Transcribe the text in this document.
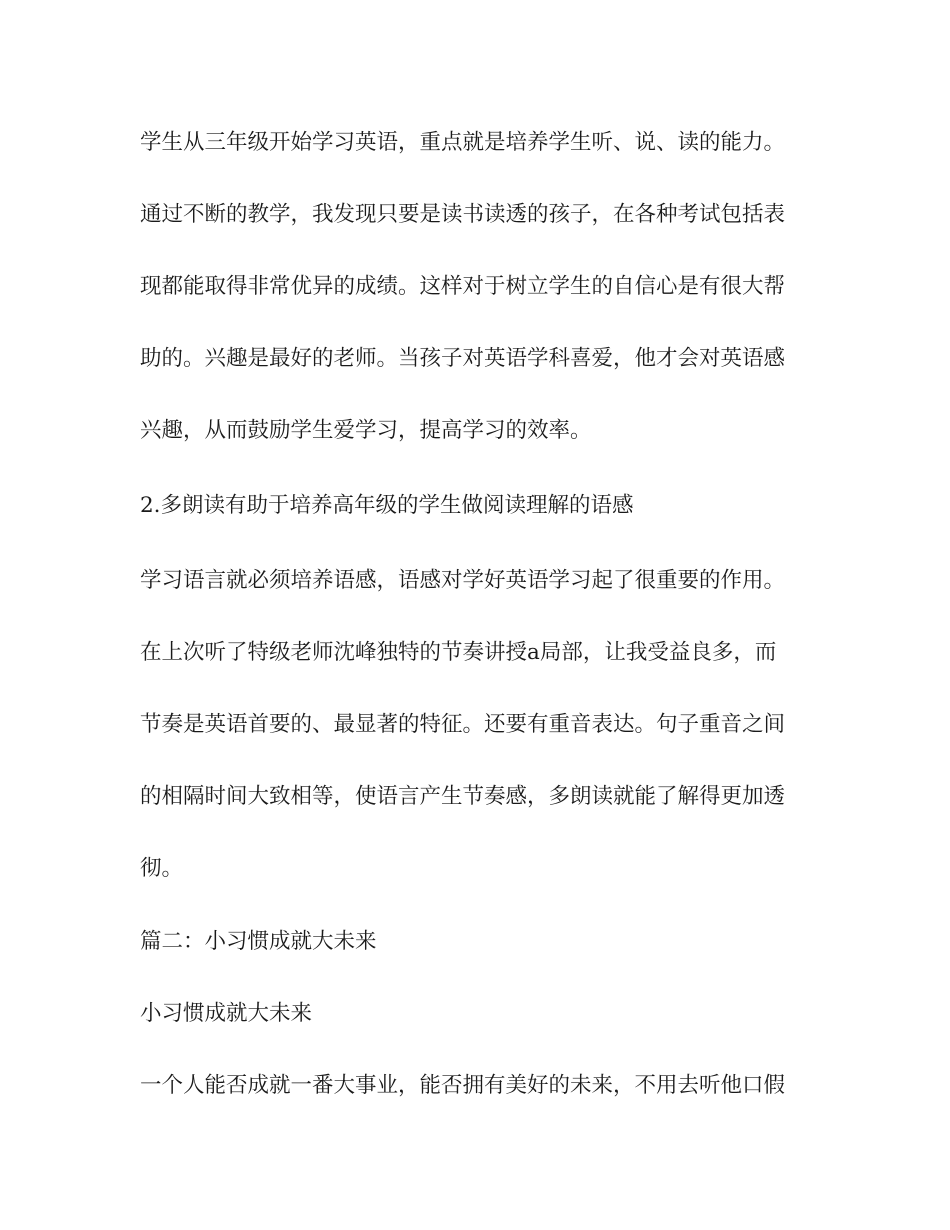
学生从三年级开始学习英语，重点就是培养学生听、说、读的能力。
通过不断的教学，我发现只要是读书读透的孩子，在各种考试包括表
现都能取得非常优异的成绩。这样对于树立学生的自信心是有很大帮
助的。兴趣是最好的老师。当孩子对英语学科喜爱，他才会对英语感
兴趣，从而鼓励学生爱学习，提高学习的效率。
2.多朗读有助于培养高年级的学生做阅读理解的语感
学习语言就必须培养语感，语感对学好英语学习起了很重要的作用。
在上次听了特级老师沈峰独特的节奏讲授a局部，让我受益良多，而
节奏是英语首要的、最显著的特征。还要有重音表达。句子重音之间
的相隔时间大致相等，使语言产生节奏感，多朗读就能了解得更加透
彻。
篇二：小习惯成就大未来
小习惯成就大未来
一个人能否成就一番大事业，能否拥有美好的未来，不用去听他口假
